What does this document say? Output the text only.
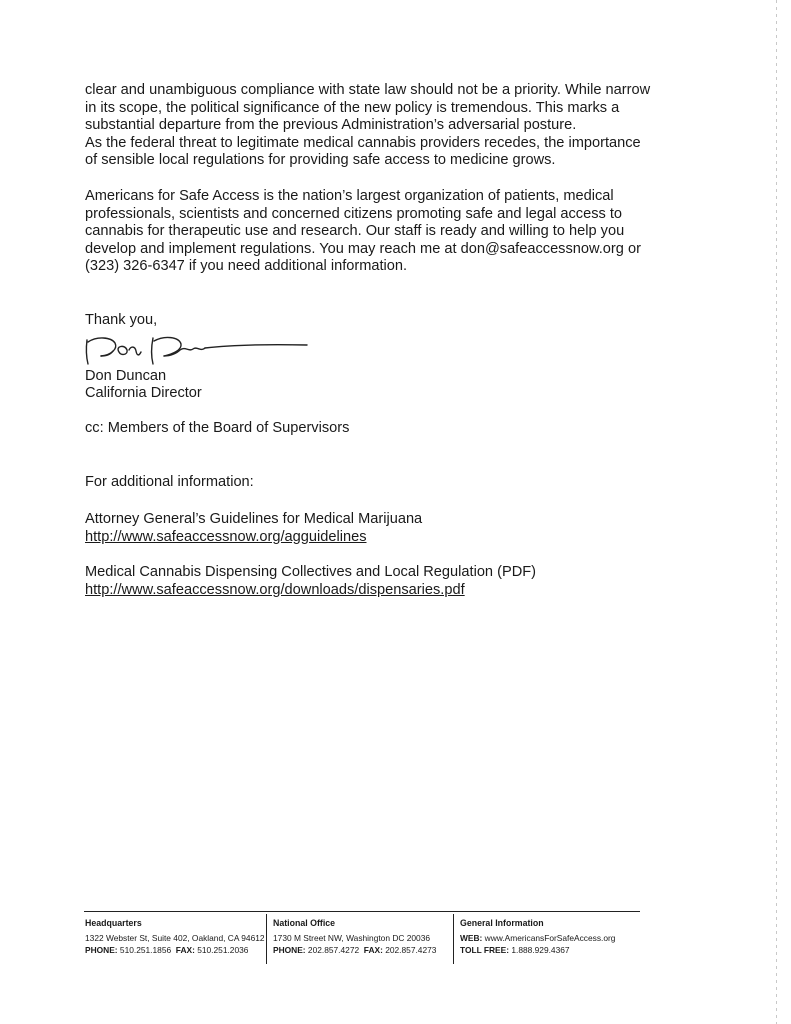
clear and unambiguous compliance with state law should not be a priority. While narrow

in its scope, the political significance of the new policy is tremendous. This marks a

substantial departure from the previous Administration’s adversarial posture.

As the federal threat to legitimate medical cannabis providers recedes, the importance

of sensible local regulations for providing safe access to medicine grows.

Americans for Safe Access is the nation’s largest organization of patients, medical

professionals, scientists and concerned citizens promoting safe and legal access to

cannabis for therapeutic use and research. Our staff is ready and willing to help you

develop and implement regulations. You may reach me at don@safeaccessnow.org or

(323) 326-6347 if you need additional information.

Thank you,

Don Duncan

California Director

cc: Members of the Board of Supervisors

For additional information:

Attorney General’s Guidelines for Medical Marijuana

http://www.safeaccessnow.org/agguidelines

Medical Cannabis Dispensing Collectives and Local Regulation (PDF)

http://www.safeaccessnow.org/downloads/dispensaries.pdf

Headquarters

1322 Webster St, Suite 402, Oakland, CA 94612

PHONE: 510.251.1856 FAX: 510.251.2036

National Office

1730 M Street NW, Washington DC 20036

PHONE: 202.857.4272 FAX: 202.857.4273

General Information

WEB: www.AmericansForSafeAccess.org

TOLL FREE: 1.888.929.4367
